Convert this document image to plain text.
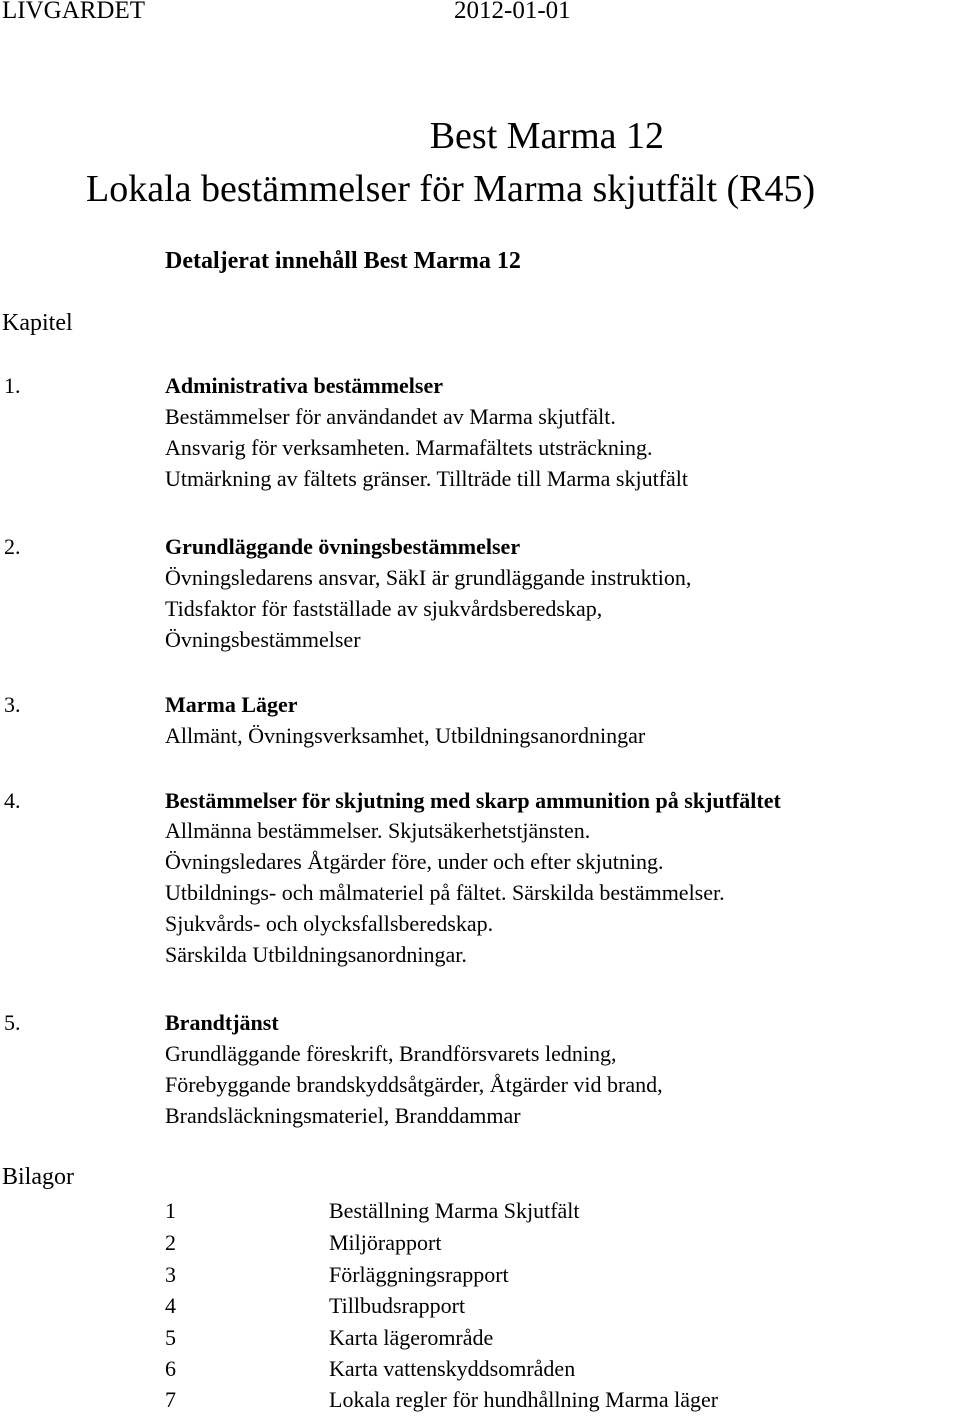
LIVGARDET	2012-01-01
Best Marma 12
Lokala bestämmelser för Marma skjutfält (R45)
Detaljerat innehåll Best Marma 12
Kapitel
1.	Administrativa bestämmelser
Bestämmelser för användandet av Marma skjutfält.
Ansvarig för verksamheten. Marmafältets utsträckning.
Utmärkning av fältets gränser. Tillträde till Marma skjutfält
2.	Grundläggande övningsbestämmelser
Övningsledarens ansvar, SäkI är grundläggande instruktion,
Tidsfaktor för fastställade av sjukvårdsberedskap,
Övningsbestämmelser
3.	Marma Läger
Allmänt, Övningsverksamhet, Utbildningsanordningar
4.	Bestämmelser för skjutning med skarp ammunition på skjutfältet
Allmänna bestämmelser. Skjutsäkerhetstjänsten.
Övningsledares Åtgärder före, under och efter skjutning.
Utbildnings- och målmateriel på fältet. Särskilda bestämmelser.
Sjukvårds- och olycksfallsberedskap.
Särskilda Utbildningsanordningar.
5.	Brandtjänst
Grundläggande föreskrift, Brandförsvarets ledning,
Förebyggande brandskyddsåtgärder, Åtgärder vid brand,
Brandsläckningsmateriel, Branddammar
Bilagor
1	Beställning Marma Skjutfält
2	Miljörapport
3	Förläggningsrapport
4	Tillbudsrapport
5	Karta lägerområde
6	Karta vattenskyddsområden
7	Lokala regler för hundhållning Marma läger
